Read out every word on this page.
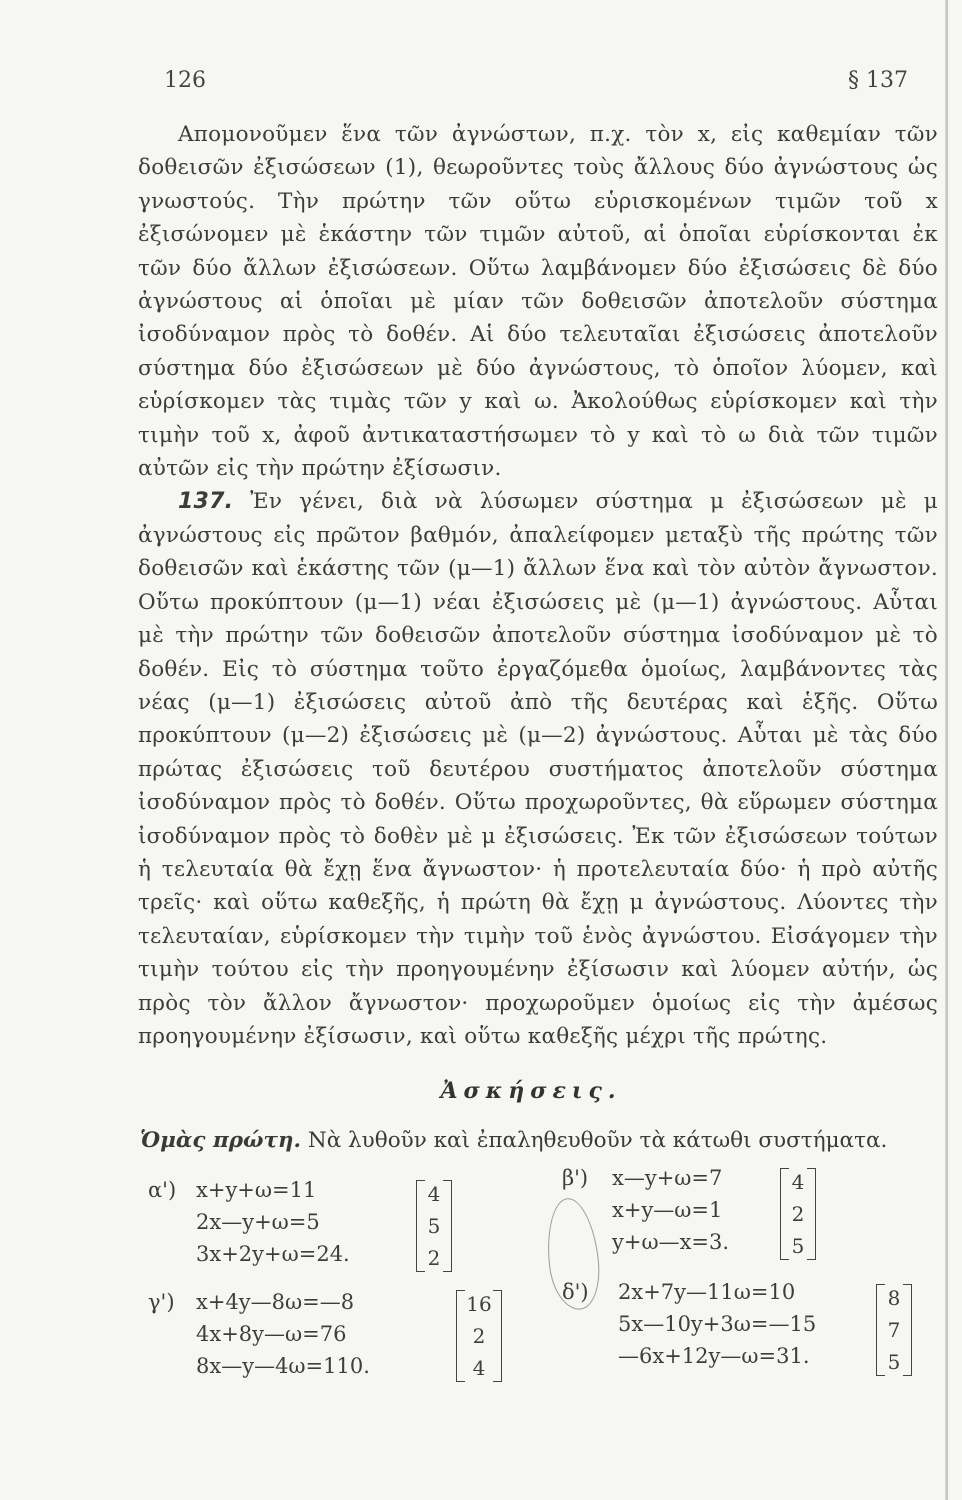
126	§ 137

Απομονοῦμεν ἕνα τῶν ἀγνώστων, π.χ. τὸν x, εἰς καθεμίαν τῶν δοθεισῶν ἐξισώσεων (1), θεωροῦντες τοὺς ἄλλους δύο ἀγνώστους ὡς γνωστούς. Τὴν πρώτην τῶν οὕτω εὑρισκομένων τιμῶν τοῦ x ἐξισώνομεν μὲ ἑκάστην τῶν τιμῶν αὐτοῦ, αἱ ὁποῖαι εὑρίσκονται ἐκ τῶν δύο ἄλλων ἐξισώσεων. Οὕτω λαμβάνομεν δύο ἐξισώσεις δὲ δύο ἀγνώστους αἱ ὁποῖαι μὲ μίαν τῶν δοθεισῶν ἀποτελοῦν σύστημα ἰσοδύναμον πρὸς τὸ δοθέν. Αἱ δύο τελευταῖαι ἐξισώσεις ἀποτελοῦν σύστημα δύο ἐξισώσεων μὲ δύο ἀγνώστους, τὸ ὁποῖον λύομεν, καὶ εὑρίσκομεν τὰς τιμὰς τῶν y καὶ ω. Ἀκολούθως εὑρίσκομεν καὶ τὴν τιμὴν τοῦ x, ἀφοῦ ἀντικαταστήσωμεν τὸ y καὶ τὸ ω διὰ τῶν τιμῶν αὐτῶν εἰς τὴν πρώτην ἐξίσωσιν.

137. Ἐν γένει, διὰ νὰ λύσωμεν σύστημα μ ἐξισώσεων μὲ μ ἀγνώστους εἰς πρῶτον βαθμόν, ἀπαλείφομεν μεταξὺ τῆς πρώτης τῶν δοθεισῶν καὶ ἑκάστης τῶν (μ—1) ἄλλων ἕνα καὶ τὸν αὐτὸν ἄγνωστον. Οὕτω προκύπτουν (μ—1) νέαι ἐξισώσεις μὲ (μ—1) ἀγνώστους. Αὗται μὲ τὴν πρώτην τῶν δοθεισῶν ἀποτελοῦν σύστημα ἰσοδύναμον μὲ τὸ δοθέν. Εἰς τὸ σύστημα τοῦτο ἐργαζόμεθα ὁμοίως, λαμβάνοντες τὰς νέας (μ—1) ἐξισώσεις αὐτοῦ ἀπὸ τῆς δευτέρας καὶ ἑξῆς. Οὕτω προκύπτουν (μ—2) ἐξισώσεις μὲ (μ—2) ἀγνώστους. Αὗται μὲ τὰς δύο πρώτας ἐξισώσεις τοῦ δευτέρου συστήματος ἀποτελοῦν σύστημα ἰσοδύναμον πρὸς τὸ δοθέν. Οὕτω προχωροῦντες, θὰ εὕρωμεν σύστημα ἰσοδύναμον πρὸς τὸ δοθὲν μὲ μ ἐξισώσεις. Ἐκ τῶν ἐξισώσεων τούτων ἡ τελευταία θὰ ἔχῃ ἕνα ἄγνωστον· ἡ προτελευταία δύο· ἡ πρὸ αὐτῆς τρεῖς· καὶ οὕτω καθεξῆς, ἡ πρώτη θὰ ἔχῃ μ ἀγνώστους. Λύοντες τὴν τελευταίαν, εὑρίσκομεν τὴν τιμὴν τοῦ ἑνὸς ἀγνώστου. Εἰσάγομεν τὴν τιμὴν τούτου εἰς τὴν προηγουμένην ἐξίσωσιν καὶ λύομεν αὐτήν, ὡς πρὸς τὸν ἄλλον ἄγνωστον· προχωροῦμεν ὁμοίως εἰς τὴν ἀμέσως προηγουμένην ἐξίσωσιν, καὶ οὕτω καθεξῆς μέχρι τῆς πρώτης.

Ἀσκήσεις.
Ὁμὰς πρώτη. Νὰ λυθοῦν καὶ ἐπαληθευθοῦν τὰ κάτωθι συστήματα.
α') x+y+ω=11
2x—y+ω=5
3x+2y+ω=24.
4
5
2
β') x—y+ω=7
x+y—ω=1
y+ω—x=3.
4
2
5
γ') x+4y—8ω=—8
4x+8y—ω=76
8x—y—4ω=110.
16
2
4
δ') 2x+7y—11ω=10
5x—10y+3ω=—15
—6x+12y—ω=31.
8
7
5
